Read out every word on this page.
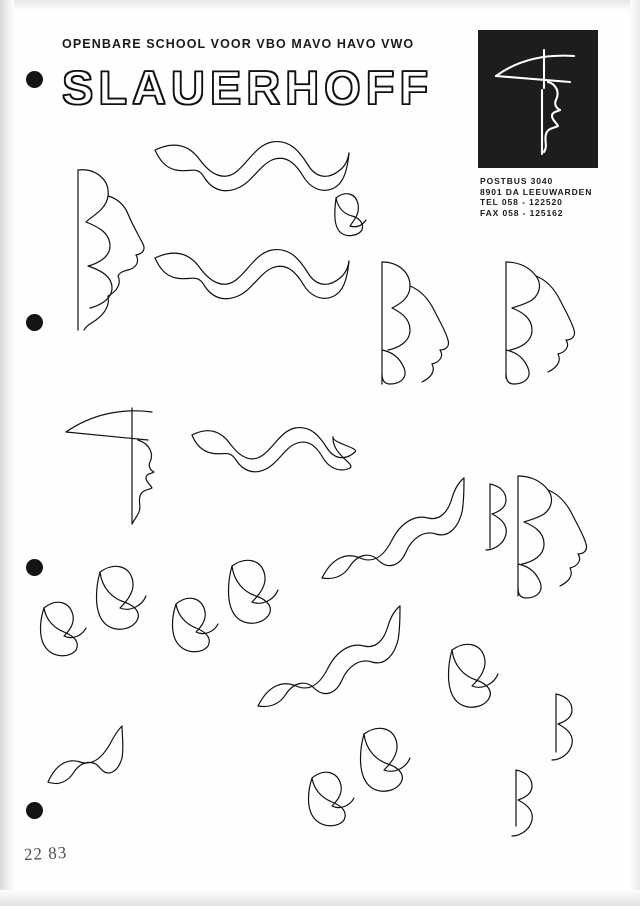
OPENBARE SCHOOL VOOR VBO MAVO HAVO VWO
SLAUERHOFF
POSTBUS 3040
8901 DA LEEUWARDEN
TEL 058 - 122520
FAX 058 - 125162
22 83
